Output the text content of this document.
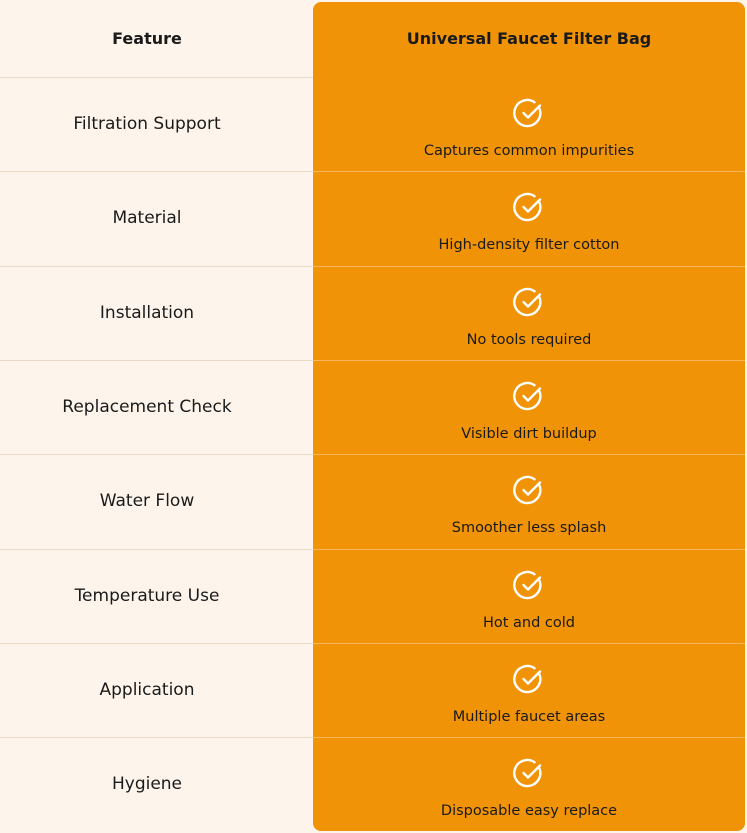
Feature	Universal Faucet Filter Bag
Filtration Support
Captures common impurities
Material
High-density filter cotton
Installation
No tools required
Replacement Check
Visible dirt buildup
Water Flow
Smoother less splash
Temperature Use
Hot and cold
Application
Multiple faucet areas
Hygiene
Disposable easy replace
